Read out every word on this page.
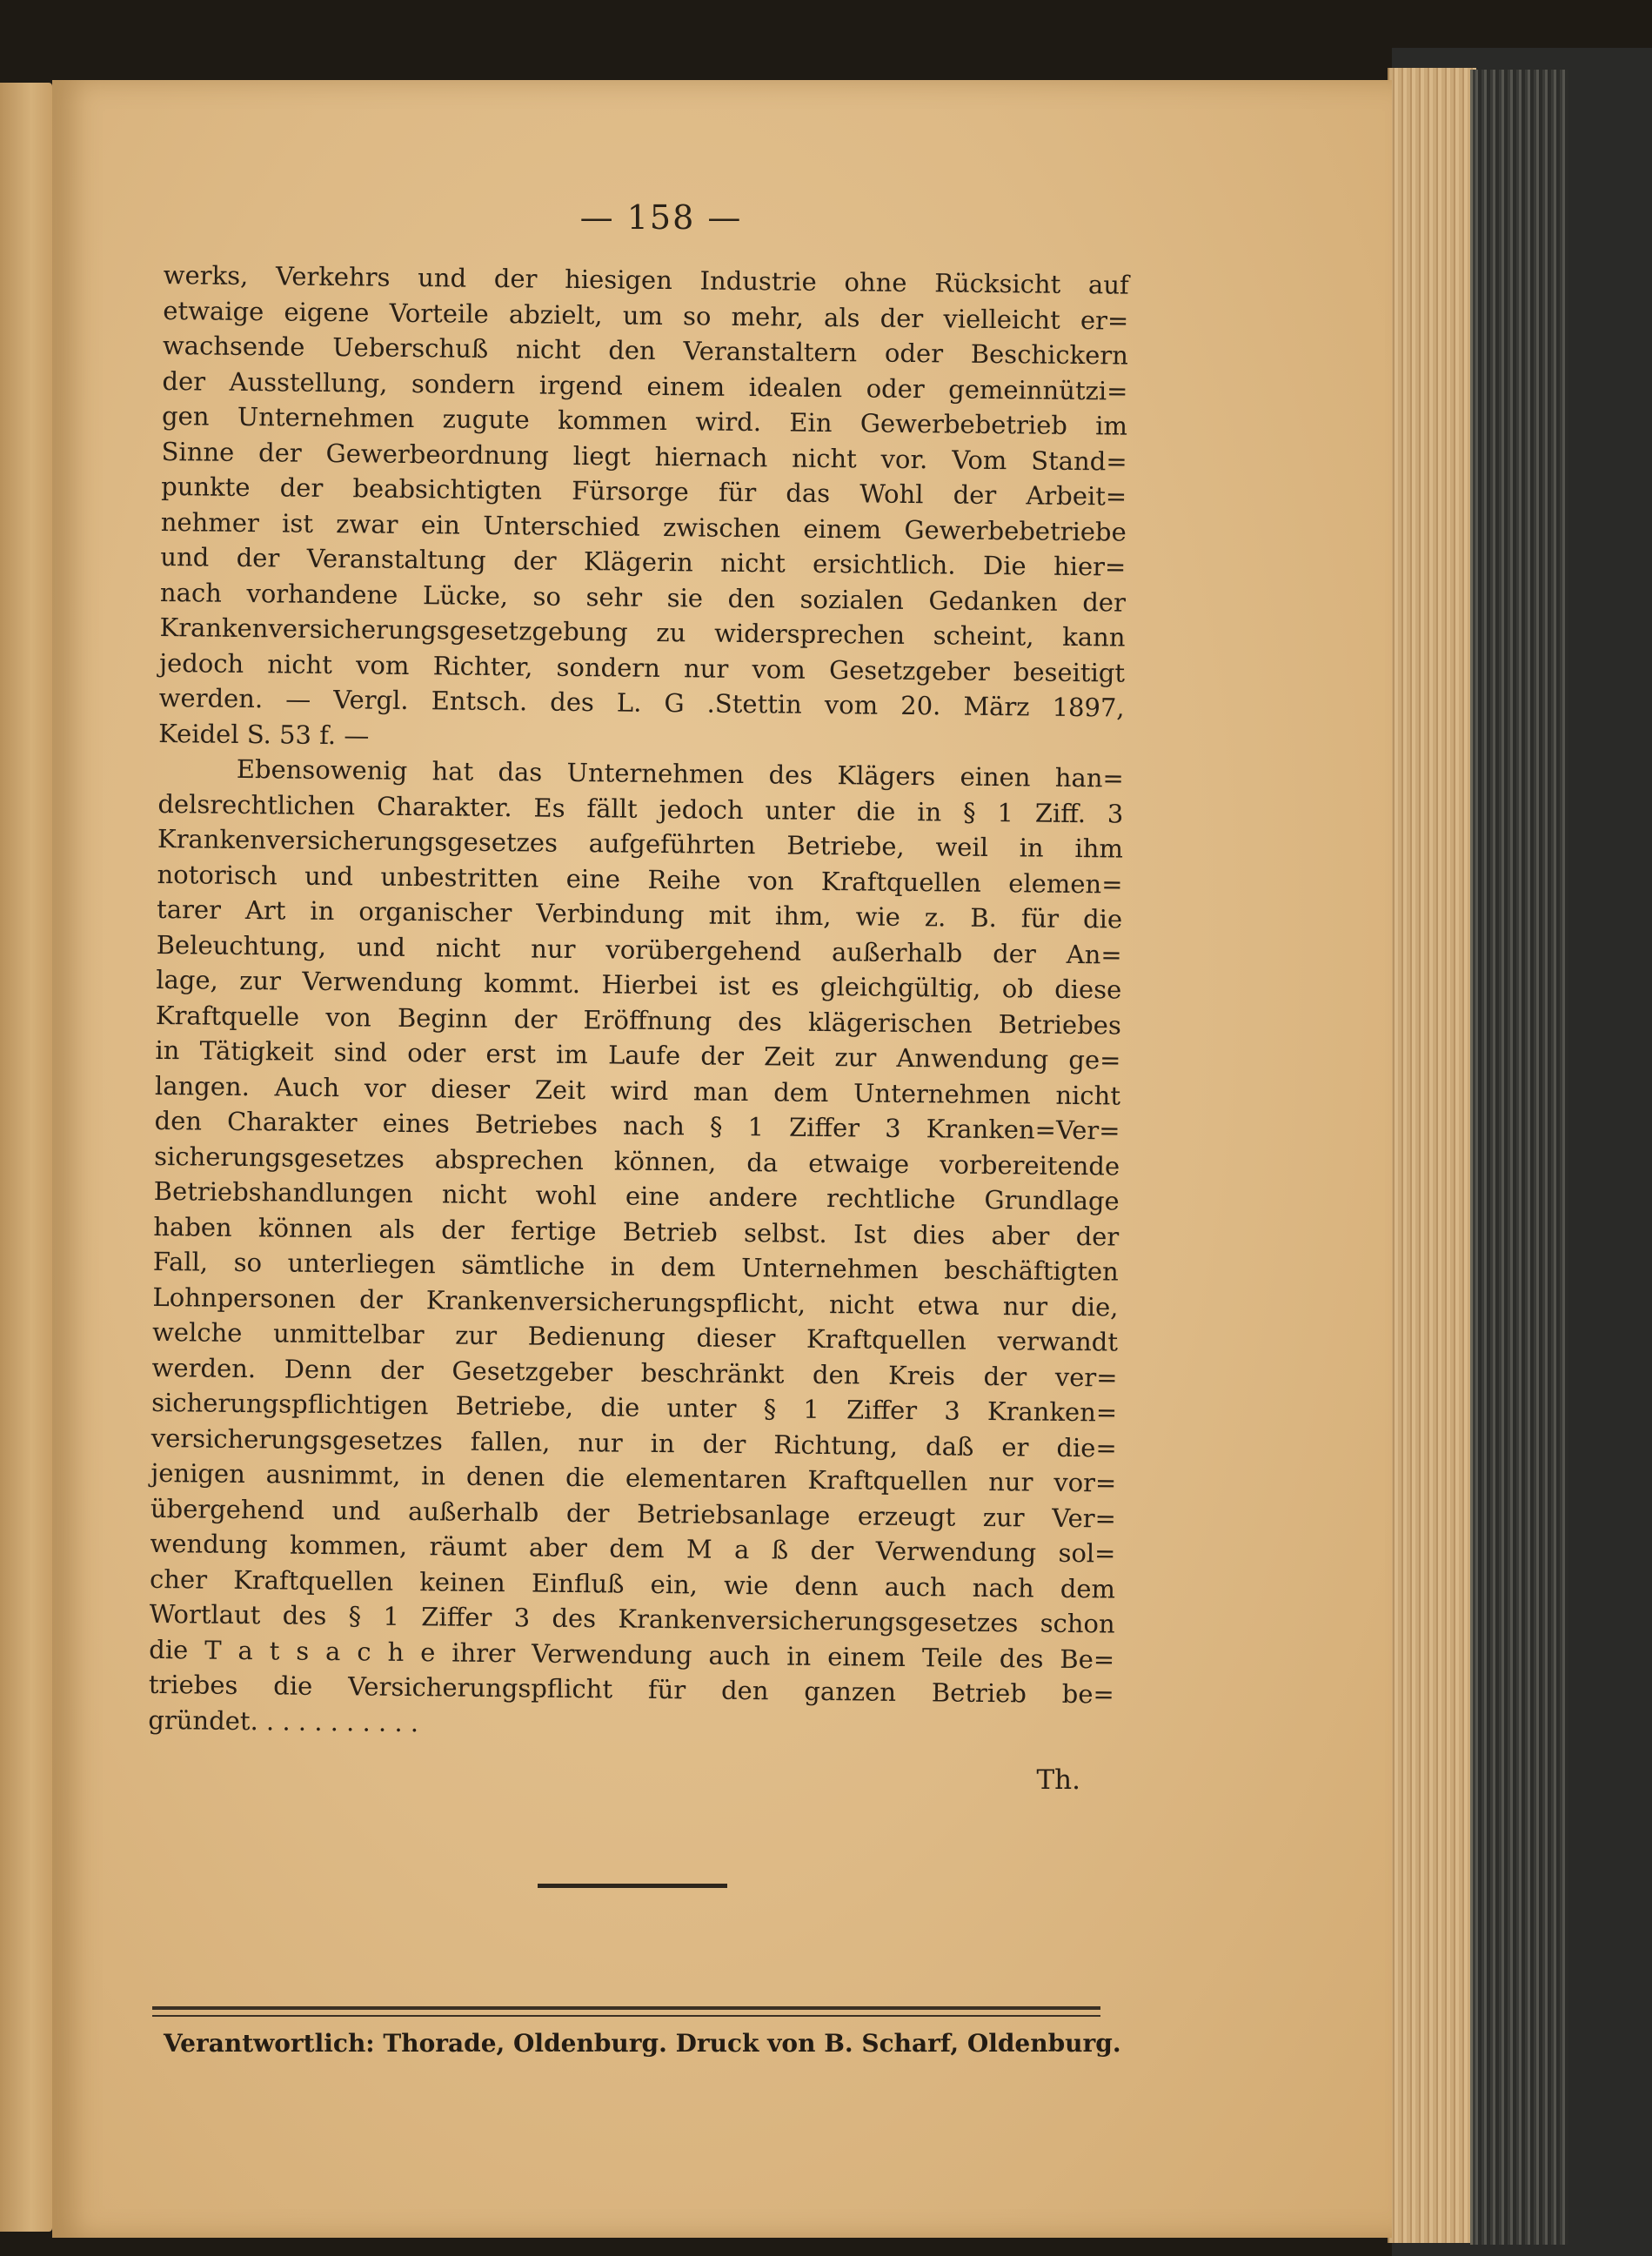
— 158 —
werks, Verkehrs und der hiesigen Industrie ohne Rücksicht auf
etwaige eigene Vorteile abzielt, um so mehr, als der vielleicht er=
wachsende Ueberschuß nicht den Veranstaltern oder Beschickern
der Ausstellung, sondern irgend einem idealen oder gemeinnützi=
gen Unternehmen zugute kommen wird. Ein Gewerbebetrieb im
Sinne der Gewerbeordnung liegt hiernach nicht vor. Vom Stand=
punkte der beabsichtigten Fürsorge für das Wohl der Arbeit=
nehmer ist zwar ein Unterschied zwischen einem Gewerbebetriebe
und der Veranstaltung der Klägerin nicht ersichtlich. Die hier=
nach vorhandene Lücke, so sehr sie den sozialen Gedanken der
Krankenversicherungsgesetzgebung zu widersprechen scheint, kann
jedoch nicht vom Richter, sondern nur vom Gesetzgeber beseitigt
werden. — Vergl. Entsch. des L. G .Stettin vom 20. März 1897,
Keidel S. 53 f. —
Ebensowenig hat das Unternehmen des Klägers einen han=
delsrechtlichen Charakter. Es fällt jedoch unter die in § 1 Ziff. 3
Krankenversicherungsgesetzes aufgeführten Betriebe, weil in ihm
notorisch und unbestritten eine Reihe von Kraftquellen elemen=
tarer Art in organischer Verbindung mit ihm, wie z. B. für die
Beleuchtung, und nicht nur vorübergehend außerhalb der An=
lage, zur Verwendung kommt. Hierbei ist es gleichgültig, ob diese
Kraftquelle von Beginn der Eröffnung des klägerischen Betriebes
in Tätigkeit sind oder erst im Laufe der Zeit zur Anwendung ge=
langen. Auch vor dieser Zeit wird man dem Unternehmen nicht
den Charakter eines Betriebes nach § 1 Ziffer 3 Kranken=Ver=
sicherungsgesetzes absprechen können, da etwaige vorbereitende
Betriebshandlungen nicht wohl eine andere rechtliche Grundlage
haben können als der fertige Betrieb selbst. Ist dies aber der
Fall, so unterliegen sämtliche in dem Unternehmen beschäftigten
Lohnpersonen der Krankenversicherungspflicht, nicht etwa nur die,
welche unmittelbar zur Bedienung dieser Kraftquellen verwandt
werden. Denn der Gesetzgeber beschränkt den Kreis der ver=
sicherungspflichtigen Betriebe, die unter § 1 Ziffer 3 Kranken=
versicherungsgesetzes fallen, nur in der Richtung, daß er die=
jenigen ausnimmt, in denen die elementaren Kraftquellen nur vor=
übergehend und außerhalb der Betriebsanlage erzeugt zur Ver=
wendung kommen, räumt aber dem M a ß der Verwendung sol=
cher Kraftquellen keinen Einfluß ein, wie denn auch nach dem
Wortlaut des § 1 Ziffer 3 des Krankenversicherungsgesetzes schon
die T a t s a c h e ihrer Verwendung auch in einem Teile des Be=
triebes die Versicherungspflicht für den ganzen Betrieb be=
gründet. . . . . . . . . . .
Th.
Verantwortlich: Thorade, Oldenburg. Druck von B. Scharf, Oldenburg.
